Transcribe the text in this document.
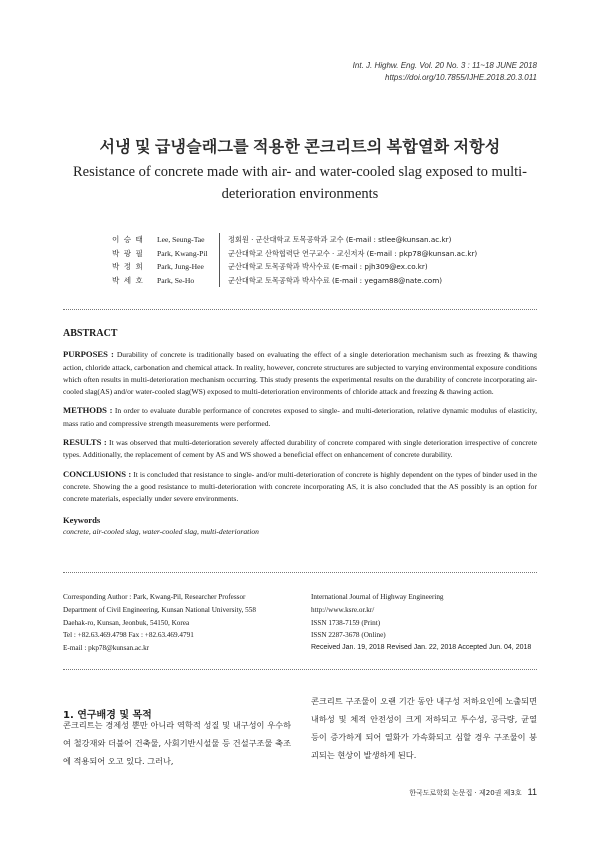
Int. J. Highw. Eng. Vol. 20 No. 3 : 11~18 JUNE 2018
https://doi.org/10.7855/IJHE.2018.20.3.011
서냉 및 급냉슬래그를 적용한 콘크리트의 복합열화 저항성
Resistance of concrete made with air- and water-cooled slag exposed to multi-deterioration environments
이 승 태	Lee, Seung-Tae	정회원 · 군산대학교 토목공학과 교수 (E-mail : stlee@kunsan.ac.kr)
박 광 필	Park, Kwang-Pil	군산대학교 산학협력단 연구교수 · 교신저자 (E-mail : pkp78@kunsan.ac.kr)
박 정 희	Park, Jung-Hee	군산대학교 토목공학과 박사수료 (E-mail : pjh309@ex.co.kr)
박 세 호	Park, Se-Ho	군산대학교 토목공학과 박사수료 (E-mail : yegam88@nate.com)
ABSTRACT

PURPOSES : Durability of concrete is traditionally based on evaluating the effect of a single deterioration mechanism such as freezing & thawing action, chloride attack, carbonation and chemical attack. In reality, however, concrete structures are subjected to varying environmental exposure conditions which often results in multi-deterioration mechanism occurring. This study presents the experimental results on the durability of concrete incorporating air-cooled slag(AS) and/or water-cooled slag(WS) exposed to multi-deterioration environments of chloride attack and freezing & thawing action.

METHODS : In order to evaluate durable performance of concretes exposed to single- and multi-deterioration, relative dynamic modulus of elasticity, mass ratio and compressive strength measurements were performed.

RESULTS : It was observed that multi-deterioration severely affected durability of concrete compared with single deterioration irrespective of concrete types. Additionally, the replacement of cement by AS and WS showed a beneficial effect on enhancement of concrete durability.

CONCLUSIONS : It is concluded that resistance to single- and/or multi-deterioration of concrete is highly dependent on the types of binder used in the concrete. Showing the a good resistance to multi-deterioration with concrete incorporating AS, it is also concluded that the AS possibly is an option for concrete materials, especially under severe environments.

Keywords
concrete, air-cooled slag, water-cooled slag, multi-deterioration
Corresponding Author : Park, Kwang-Pil, Researcher Professor
Department of Civil Engineering, Kunsan National University, 558
Daehak-ro, Kunsan, Jeonbuk, 54150, Korea
Tel : +82.63.469.4798 Fax : +82.63.469.4791
E-mail : pkp78@kunsan.ac.kr
International Journal of Highway Engineering
http://www.ksre.or.kr/
ISSN 1738-7159 (Print)
ISSN 2287-3678 (Online)
Received Jan. 19, 2018 Revised Jan. 22, 2018 Accepted Jun. 04, 2018
1. 연구배경 및 목적
콘크리트는 경제성 뿐만 아니라 역학적 성질 및 내구성이 우수하여 철강재와 더불어 건축물, 사회기반시설물 등 건설구조물 축조에 적용되어 오고 있다. 그러나,
콘크리트 구조물이 오랜 기간 동안 내구성 저하요인에 노출되면 내하성 및 체적 안전성이 크게 저하되고 투수성, 공극량, 균열 등이 증가하게 되어 열화가 가속화되고 심할 경우 구조물이 붕괴되는 현상이 발생하게 된다.
한국도로학회 논문집 · 제20권 제3호 11
